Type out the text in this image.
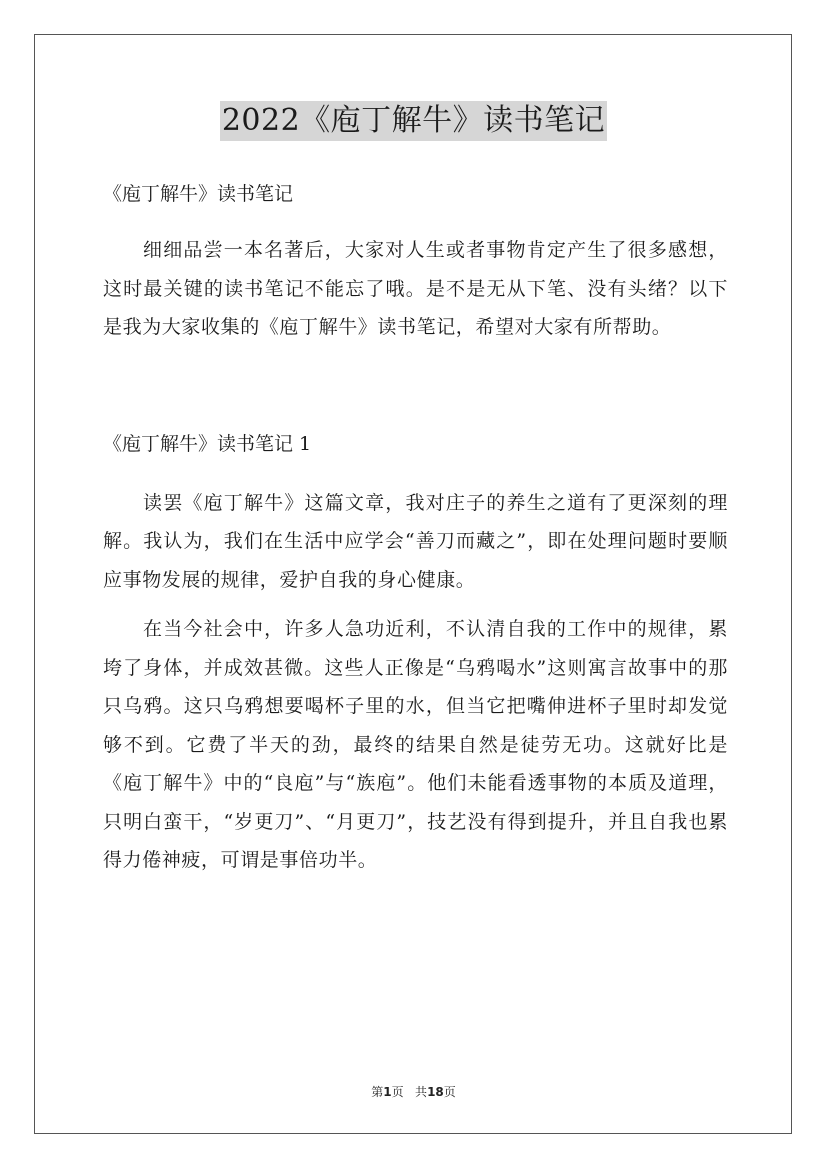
2022《庖丁解牛》读书笔记

《庖丁解牛》读书笔记

细细品尝一本名著后，大家对人生或者事物肯定产生了很多感想，这时最关键的读书笔记不能忘了哦。是不是无从下笔、没有头绪？以下是我为大家收集的《庖丁解牛》读书笔记，希望对大家有所帮助。

《庖丁解牛》读书笔记 1

读罢《庖丁解牛》这篇文章，我对庄子的养生之道有了更深刻的理解。我认为，我们在生活中应学会“善刀而藏之”，即在处理问题时要顺应事物发展的规律，爱护自我的身心健康。

在当今社会中，许多人急功近利，不认清自我的工作中的规律，累垮了身体，并成效甚微。这些人正像是“乌鸦喝水”这则寓言故事中的那只乌鸦。这只乌鸦想要喝杯子里的水，但当它把嘴伸进杯子里时却发觉够不到。它费了半天的劲，最终的结果自然是徒劳无功。这就好比是《庖丁解牛》中的“良庖”与“族庖”。他们未能看透事物的本质及道理，只明白蛮干，“岁更刀”、“月更刀”，技艺没有得到提升，并且自我也累得力倦神疲，可谓是事倍功半。

第1页 共18页
